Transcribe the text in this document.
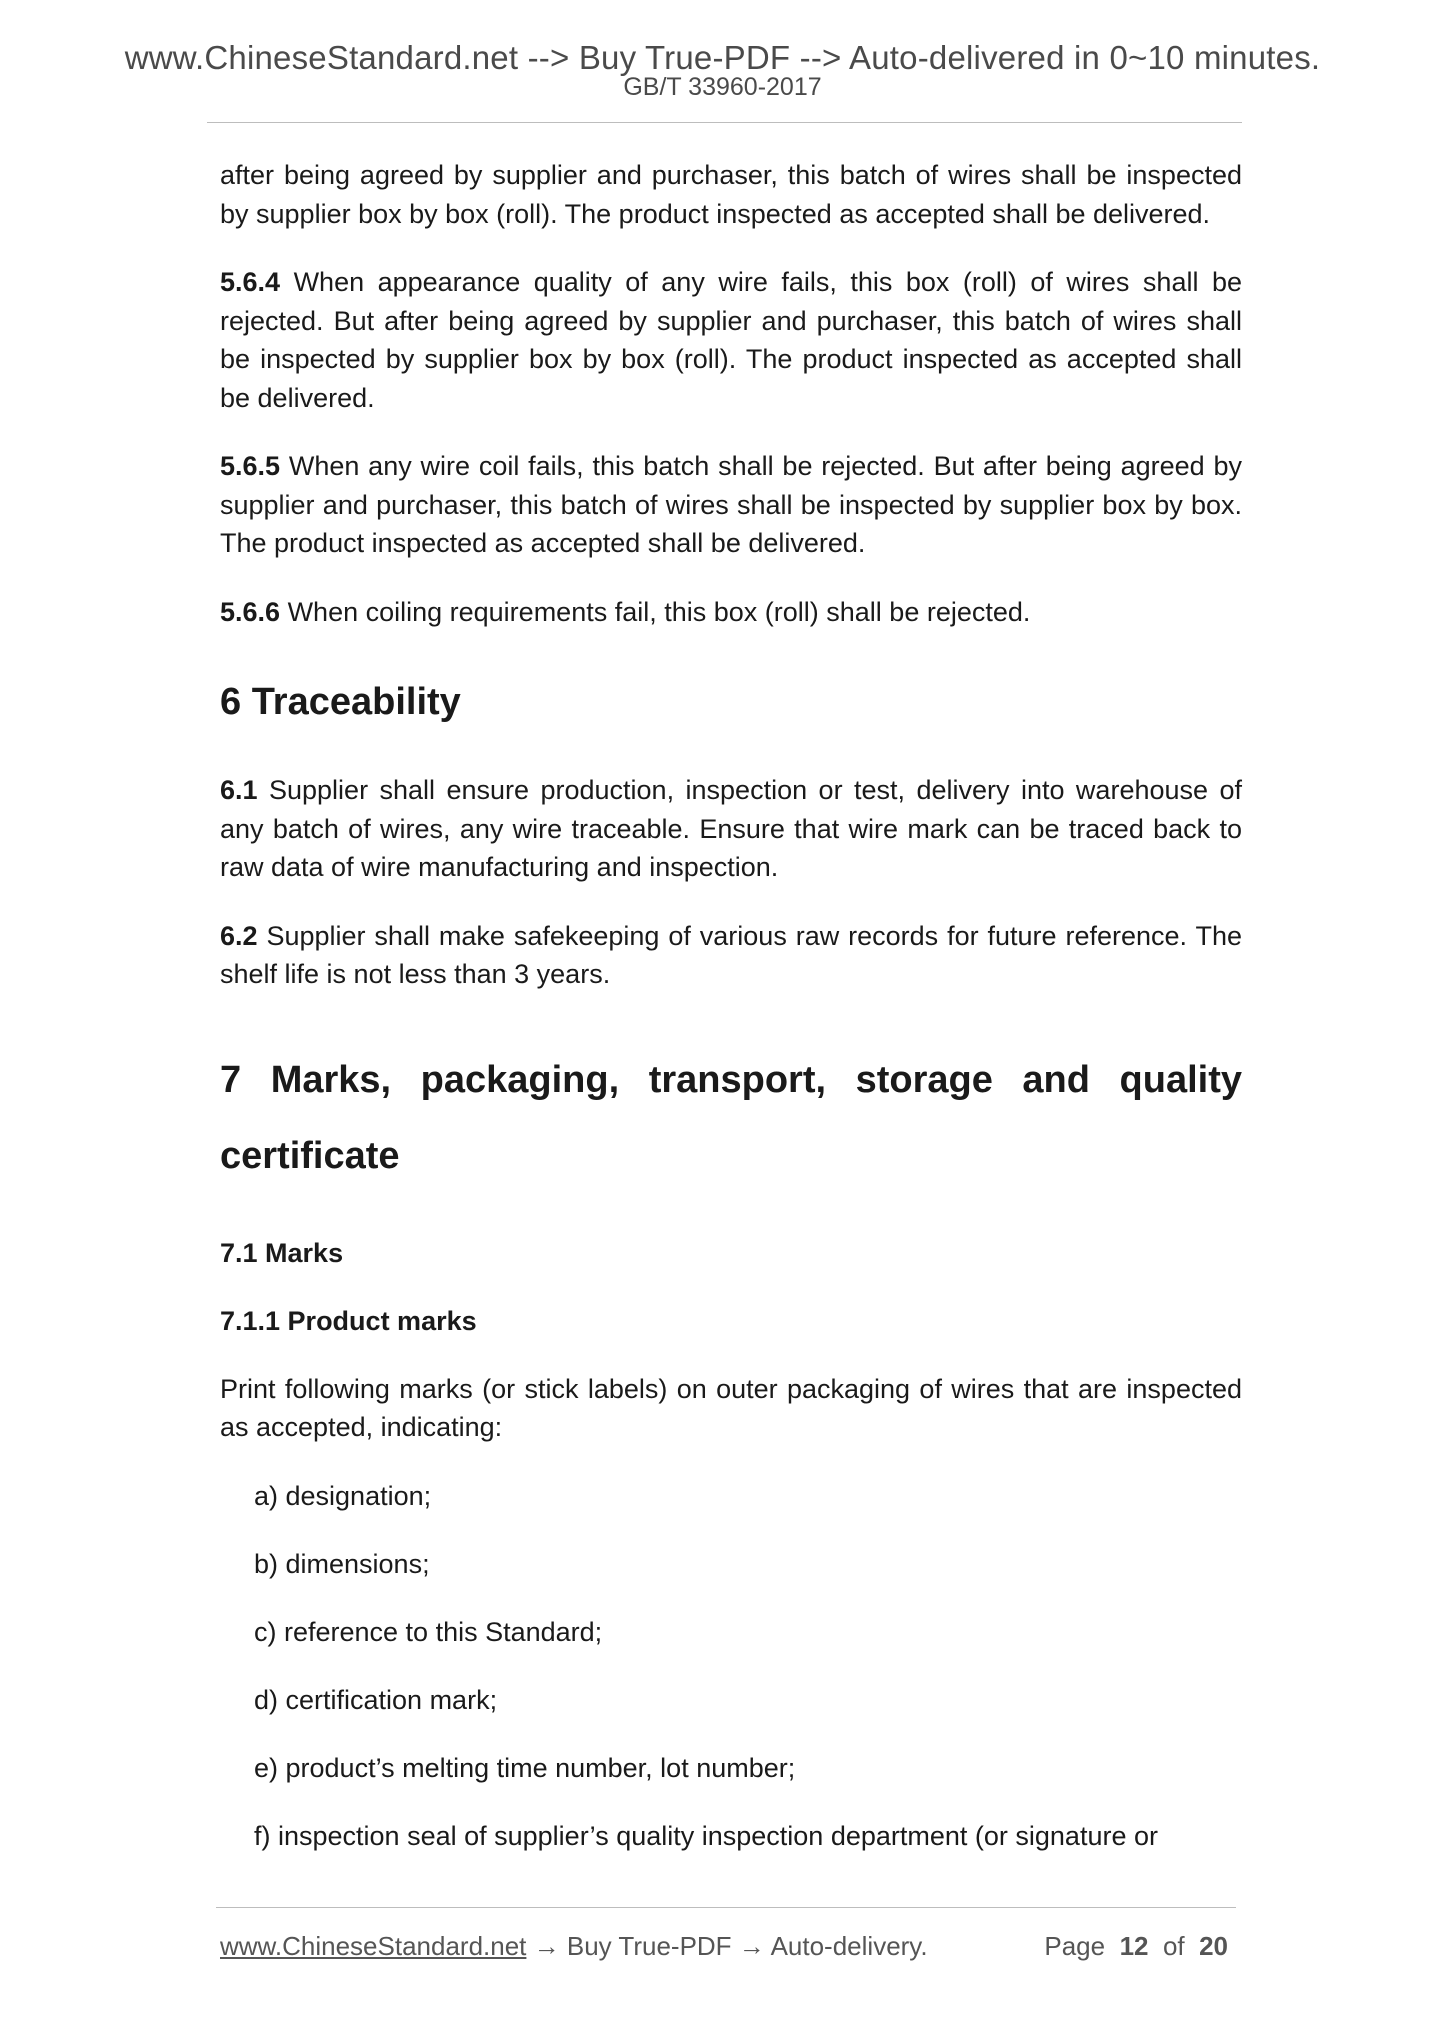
www.ChineseStandard.net --> Buy True-PDF --> Auto-delivered in 0~10 minutes.
GB/T 33960-2017

after being agreed by supplier and purchaser, this batch of wires shall be inspected by supplier box by box (roll). The product inspected as accepted shall be delivered.

5.6.4 When appearance quality of any wire fails, this box (roll) of wires shall be rejected. But after being agreed by supplier and purchaser, this batch of wires shall be inspected by supplier box by box (roll). The product inspected as accepted shall be delivered.

5.6.5 When any wire coil fails, this batch shall be rejected. But after being agreed by supplier and purchaser, this batch of wires shall be inspected by supplier box by box. The product inspected as accepted shall be delivered.

5.6.6 When coiling requirements fail, this box (roll) shall be rejected.

6 Traceability

6.1 Supplier shall ensure production, inspection or test, delivery into warehouse of any batch of wires, any wire traceable. Ensure that wire mark can be traced back to raw data of wire manufacturing and inspection.

6.2 Supplier shall make safekeeping of various raw records for future reference. The shelf life is not less than 3 years.

7 Marks, packaging, transport, storage and quality certificate
7.1 Marks
7.1.1 Product marks

Print following marks (or stick labels) on outer packaging of wires that are inspected as accepted, indicating:

a) designation;
b) dimensions;
c) reference to this Standard;
d) certification mark;
e) product’s melting time number, lot number;
f) inspection seal of supplier’s quality inspection department (or signature or
www.ChineseStandard.net → Buy True-PDF → Auto-delivery.	Page 12 of 20
